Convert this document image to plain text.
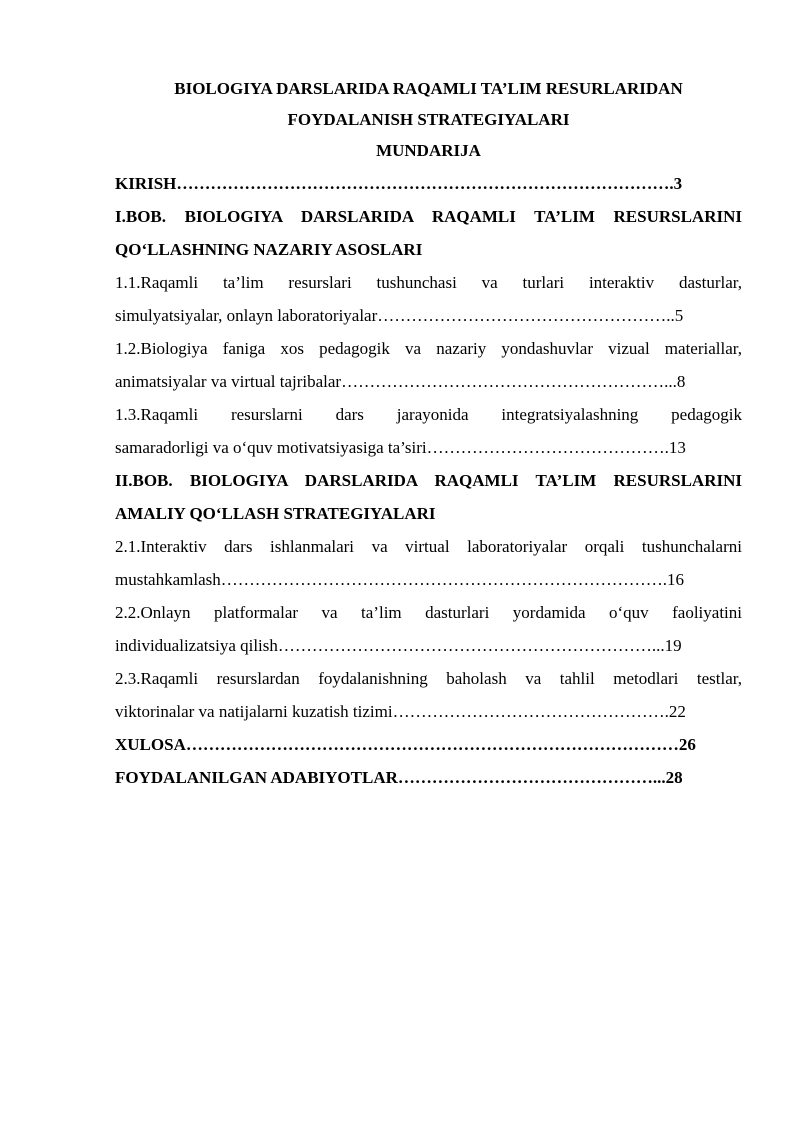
BIOLOGIYA DARSLARIDA RAQAMLI TA’LIM RESURLARIDAN

FOYDALANISH STRATEGIYALARI

MUNDARIJA

KIRISH…………………………………………………………………………….3

I.BOB. BIOLOGIYA DARSLARIDA RAQAMLI TA’LIM RESURSLARINI
QO‘LLASHNING NAZARIY ASOSLARI
1.1.Raqamli ta’lim resurslari tushunchasi va turlari interaktiv dasturlar,
simulyatsiyalar, onlayn laboratoriyalar……………………………………………..5
1.2.Biologiya faniga xos pedagogik va nazariy yondashuvlar vizual materiallar,
animatsiyalar va virtual tajribalar…………………………………………………...8
1.3.Raqamli resurslarni dars jarayonida integratsiyalashning pedagogik
samaradorligi va o‘quv motivatsiyasiga ta’siri…………………………………….13
II.BOB. BIOLOGIYA DARSLARIDA RAQAMLI TA’LIM RESURSLARINI
AMALIY QO‘LLASH STRATEGIYALARI
2.1.Interaktiv dars ishlanmalari va virtual laboratoriyalar orqali tushunchalarni
mustahkamlash…………………………………………………………………….16
2.2.Onlayn platformalar va ta’lim dasturlari yordamida o‘quv faoliyatini
individualizatsiya qilish…………………………………………………………...19
2.3.Raqamli resurslardan foydalanishning baholash va tahlil metodlari testlar,
viktorinalar va natijalarni kuzatish tizimi………………………………………….22

XULOSA……………………………………………………………………………26

FOYDALANILGAN ADABIYOTLAR………………………………………...28
